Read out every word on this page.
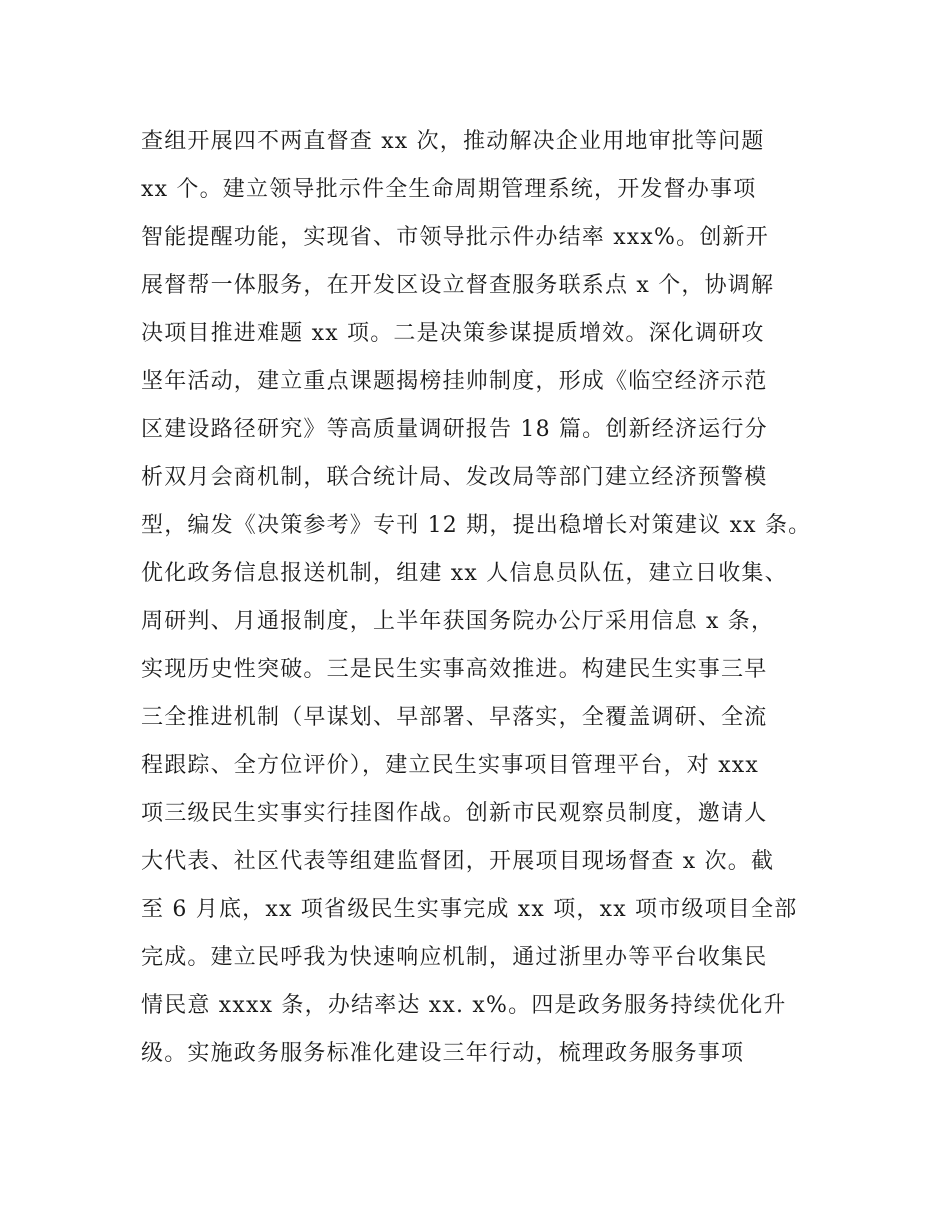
查组开展四不两直督查 xx 次，推动解决企业用地审批等问题
xx 个。建立领导批示件全生命周期管理系统，开发督办事项
智能提醒功能，实现省、市领导批示件办结率 xxx%。创新开
展督帮一体服务，在开发区设立督查服务联系点 x 个，协调解
决项目推进难题 xx 项。二是决策参谋提质增效。深化调研攻
坚年活动，建立重点课题揭榜挂帅制度，形成《临空经济示范
区建设路径研究》等高质量调研报告 18 篇。创新经济运行分
析双月会商机制，联合统计局、发改局等部门建立经济预警模
型，编发《决策参考》专刊 12 期，提出稳增长对策建议 xx 条。
优化政务信息报送机制，组建 xx 人信息员队伍，建立日收集、
周研判、月通报制度，上半年获国务院办公厅采用信息 x 条，
实现历史性突破。三是民生实事高效推进。构建民生实事三早
三全推进机制（早谋划、早部署、早落实，全覆盖调研、全流
程跟踪、全方位评价），建立民生实事项目管理平台，对 xxx
项三级民生实事实行挂图作战。创新市民观察员制度，邀请人
大代表、社区代表等组建监督团，开展项目现场督查 x 次。截
至 6 月底，xx 项省级民生实事完成 xx 项，xx 项市级项目全部
完成。建立民呼我为快速响应机制，通过浙里办等平台收集民
情民意 xxxx 条，办结率达 xx. x%。四是政务服务持续优化升
级。实施政务服务标准化建设三年行动，梳理政务服务事项
